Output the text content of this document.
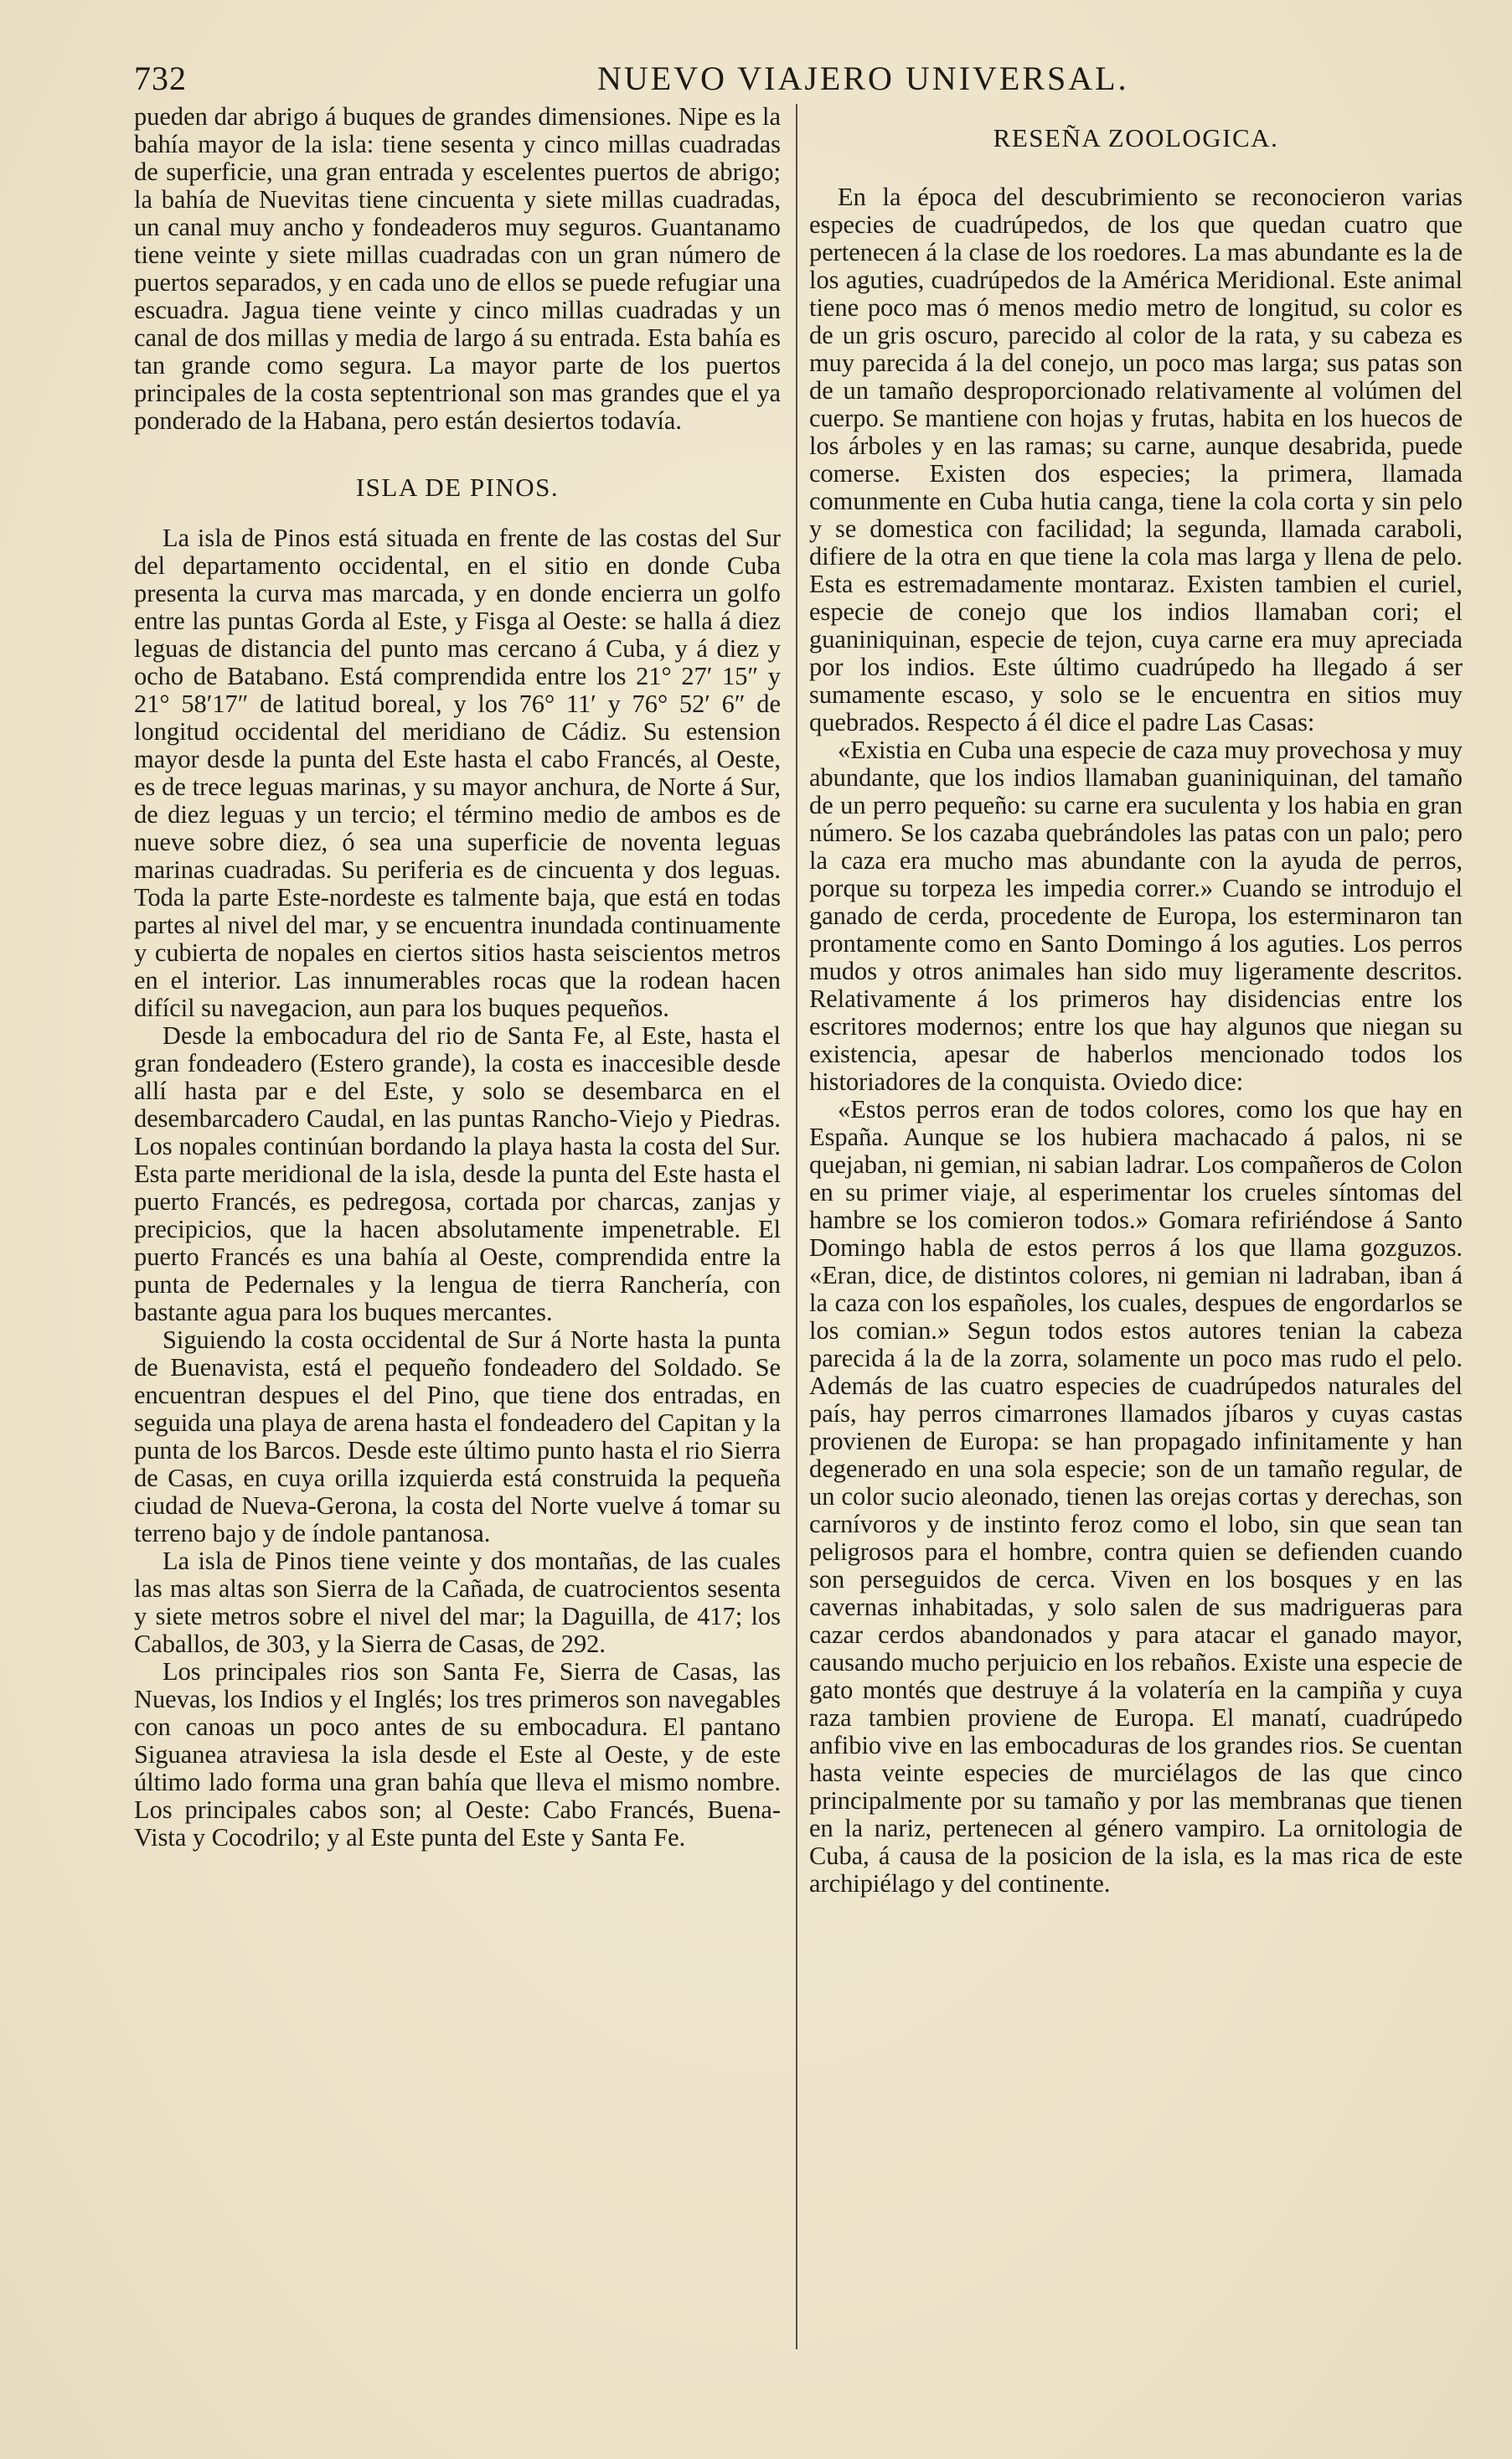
732	NUEVO VIAJERO UNIVERSAL.

pueden dar abrigo á buques de grandes dimensiones. Nipe es la bahía mayor de la isla: tiene sesenta y cinco millas cuadradas de superficie, una gran entrada y escelentes puertos de abrigo; la bahía de Nuevitas tiene cincuenta y siete millas cuadradas, un canal muy ancho y fondeaderos muy seguros. Guantanamo tiene veinte y siete millas cuadradas con un gran número de puertos separados, y en cada uno de ellos se puede refugiar una escuadra. Jagua tiene veinte y cinco millas cuadradas y un canal de dos millas y media de largo á su entrada. Esta bahía es tan grande como segura. La mayor parte de los puertos principales de la costa septentrional son mas grandes que el ya ponderado de la Habana, pero están desiertos todavía.

ISLA DE PINOS.

La isla de Pinos está situada en frente de las costas del Sur del departamento occidental, en el sitio en donde Cuba presenta la curva mas marcada, y en donde encierra un golfo entre las puntas Gorda al Este, y Fisga al Oeste: se halla á diez leguas de distancia del punto mas cercano á Cuba, y á diez y ocho de Batabano. Está comprendida entre los 21° 27′ 15″ y 21° 58′17″ de latitud boreal, y los 76° 11′ y 76° 52′ 6″ de longitud occidental del meridiano de Cádiz. Su estension mayor desde la punta del Este hasta el cabo Francés, al Oeste, es de trece leguas marinas, y su mayor anchura, de Norte á Sur, de diez leguas y un tercio; el término medio de ambos es de nueve sobre diez, ó sea una superficie de noventa leguas marinas cuadradas. Su periferia es de cincuenta y dos leguas. Toda la parte Este-nordeste es talmente baja, que está en todas partes al nivel del mar, y se encuentra inundada continuamente y cubierta de nopales en ciertos sitios hasta seiscientos metros en el interior. Las innumerables rocas que la rodean hacen difícil su navegacion, aun para los buques pequeños.

Desde la embocadura del rio de Santa Fe, al Este, hasta el gran fondeadero (Estero grande), la costa es inaccesible desde allí hasta par e del Este, y solo se desembarca en el desembarcadero Caudal, en las puntas Rancho-Viejo y Piedras. Los nopales continúan bordando la playa hasta la costa del Sur. Esta parte meridional de la isla, desde la punta del Este hasta el puerto Francés, es pedregosa, cortada por charcas, zanjas y precipicios, que la hacen absolutamente impenetrable. El puerto Francés es una bahía al Oeste, comprendida entre la punta de Pedernales y la lengua de tierra Ranchería, con bastante agua para los buques mercantes.

Siguiendo la costa occidental de Sur á Norte hasta la punta de Buenavista, está el pequeño fondeadero del Soldado. Se encuentran despues el del Pino, que tiene dos entradas, en seguida una playa de arena hasta el fondeadero del Capitan y la punta de los Barcos. Desde este último punto hasta el rio Sierra de Casas, en cuya orilla izquierda está construida la pequeña ciudad de Nueva-Gerona, la costa del Norte vuelve á tomar su terreno bajo y de índole pantanosa.

La isla de Pinos tiene veinte y dos montañas, de las cuales las mas altas son Sierra de la Cañada, de cuatrocientos sesenta y siete metros sobre el nivel del mar; la Daguilla, de 417; los Caballos, de 303, y la Sierra de Casas, de 292.

Los principales rios son Santa Fe, Sierra de Casas, las Nuevas, los Indios y el Inglés; los tres primeros son navegables con canoas un poco antes de su embocadura. El pantano Siguanea atraviesa la isla desde el Este al Oeste, y de este último lado forma una gran bahía que lleva el mismo nombre. Los principales cabos son; al Oeste: Cabo Francés, Buena-Vista y Cocodrilo; y al Este punta del Este y Santa Fe.

RESEÑA ZOOLOGICA.

En la época del descubrimiento se reconocieron varias especies de cuadrúpedos, de los que quedan cuatro que pertenecen á la clase de los roedores. La mas abundante es la de los aguties, cuadrúpedos de la América Meridional. Este animal tiene poco mas ó menos medio metro de longitud, su color es de un gris oscuro, parecido al color de la rata, y su cabeza es muy parecida á la del conejo, un poco mas larga; sus patas son de un tamaño desproporcionado relativamente al volúmen del cuerpo. Se mantiene con hojas y frutas, habita en los huecos de los árboles y en las ramas; su carne, aunque desabrida, puede comerse. Existen dos especies; la primera, llamada comunmente en Cuba hutia canga, tiene la cola corta y sin pelo y se domestica con facilidad; la segunda, llamada caraboli, difiere de la otra en que tiene la cola mas larga y llena de pelo. Esta es estremadamente montaraz. Existen tambien el curiel, especie de conejo que los indios llamaban cori; el guaniniquinan, especie de tejon, cuya carne era muy apreciada por los indios. Este último cuadrúpedo ha llegado á ser sumamente escaso, y solo se le encuentra en sitios muy quebrados. Respecto á él dice el padre Las Casas:

«Existia en Cuba una especie de caza muy provechosa y muy abundante, que los indios llamaban guaniniquinan, del tamaño de un perro pequeño: su carne era suculenta y los habia en gran número. Se los cazaba quebrándoles las patas con un palo; pero la caza era mucho mas abundante con la ayuda de perros, porque su torpeza les impedia correr.» Cuando se introdujo el ganado de cerda, procedente de Europa, los esterminaron tan prontamente como en Santo Domingo á los aguties. Los perros mudos y otros animales han sido muy ligeramente descritos. Relativamente á los primeros hay disidencias entre los escritores modernos; entre los que hay algunos que niegan su existencia, apesar de haberlos mencionado todos los historiadores de la conquista. Oviedo dice:

«Estos perros eran de todos colores, como los que hay en España. Aunque se los hubiera machacado á palos, ni se quejaban, ni gemian, ni sabian ladrar. Los compañeros de Colon en su primer viaje, al esperimentar los crueles síntomas del hambre se los comieron todos.» Gomara refiriéndose á Santo Domingo habla de estos perros á los que llama gozguzos. «Eran, dice, de distintos colores, ni gemian ni ladraban, iban á la caza con los españoles, los cuales, despues de engordarlos se los comian.» Segun todos estos autores tenian la cabeza parecida á la de la zorra, solamente un poco mas rudo el pelo. Además de las cuatro especies de cuadrúpedos naturales del país, hay perros cimarrones llamados jíbaros y cuyas castas provienen de Europa: se han propagado infinitamente y han degenerado en una sola especie; son de un tamaño regular, de un color sucio aleonado, tienen las orejas cortas y derechas, son carnívoros y de instinto feroz como el lobo, sin que sean tan peligrosos para el hombre, contra quien se defienden cuando son perseguidos de cerca. Viven en los bosques y en las cavernas inhabitadas, y solo salen de sus madrigueras para cazar cerdos abandonados y para atacar el ganado mayor, causando mucho perjuicio en los rebaños. Existe una especie de gato montés que destruye á la volatería en la campiña y cuya raza tambien proviene de Europa. El manatí, cuadrúpedo anfibio vive en las embocaduras de los grandes rios. Se cuentan hasta veinte especies de murciélagos de las que cinco principalmente por su tamaño y por las membranas que tienen en la nariz, pertenecen al género vampiro. La ornitologia de Cuba, á causa de la posicion de la isla, es la mas rica de este archipiélago y del continente.
